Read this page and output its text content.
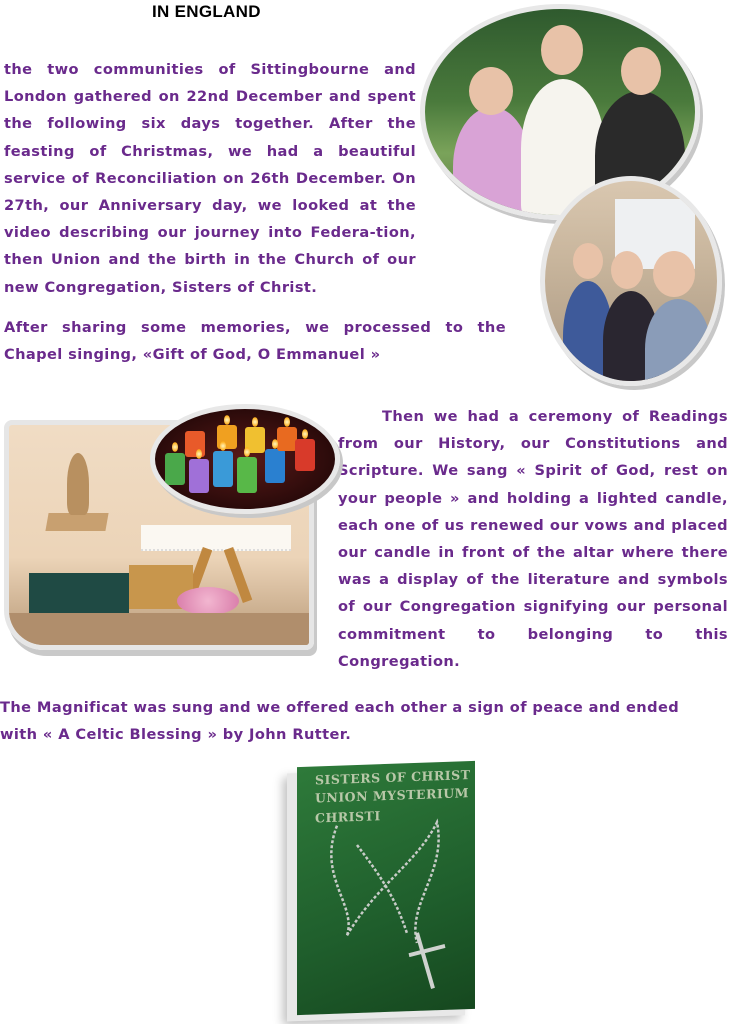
IN ENGLAND
the two communities of Sittingbourne and London gathered on 22nd December and spent the following six days together. After the feasting of Christmas, we had a beautiful service of Reconciliation on 26th December. On 27th, our Anniversary day, we looked at the video describing our journey into Federa-tion, then Union and the birth in the Church of our new Congregation, Sisters of Christ.
After sharing some memories, we processed to the Chapel singing, «Gift of God, O Emmanuel »
Then we had a ceremony of Readings from our History, our Constitutions and Scripture. We sang « Spirit of God, rest on your people » and holding a lighted candle, each one of us renewed our vows and placed our candle in front of the altar where there was a display of the literature and symbols of our Congregation signifying our personal commitment to belonging to this Congregation.
The Magnificat was sung and we offered each other a sign of peace and ended with « A Celtic Blessing » by John Rutter.
SISTERS OF CHRIST
UNION MYSTERIUM
CHRISTI
